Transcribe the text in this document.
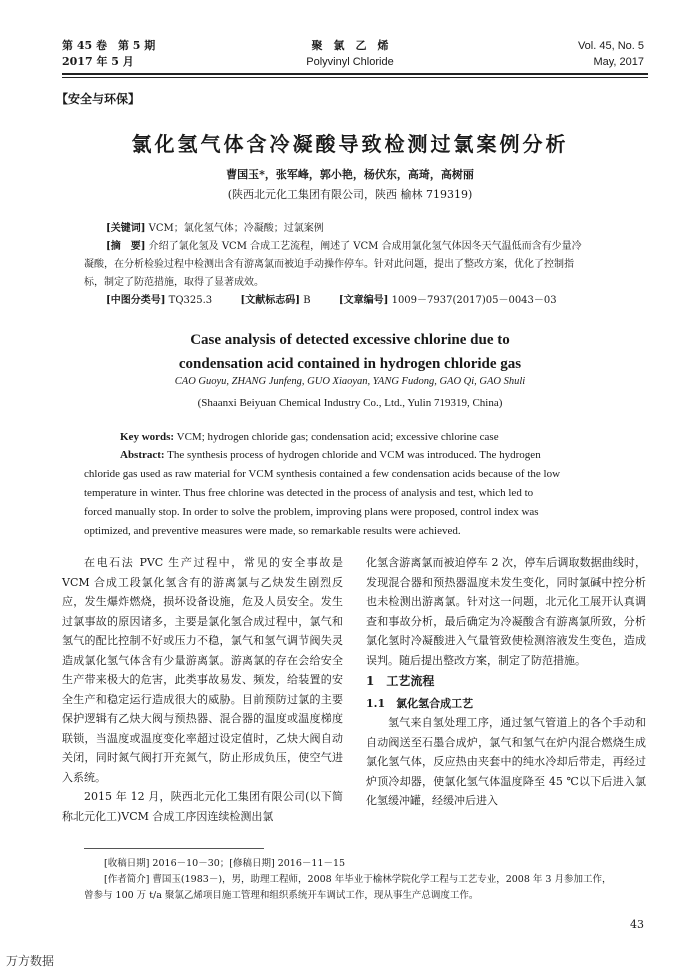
第 45 卷　第 5 期
2017 年 5 月
聚　氯　乙　烯
Polyvinyl Chloride
Vol. 45, No. 5
May, 2017
【安全与环保】
氯化氢气体含冷凝酸导致检测过氯案例分析
曹国玉*，张军峰，郭小艳，杨伏东，高琦，高树丽
(陕西北元化工集团有限公司，陕西 榆林 719319)
[关键词] VCM；氯化氢气体；冷凝酸；过氯案例
[摘　要] 介绍了氯化氢及 VCM 合成工艺流程，阐述了 VCM 合成用氯化氢气体因冬天气温低而含有少量冷
凝酸，在分析检验过程中检测出含有游离氯而被迫手动操作停车。针对此问题，提出了整改方案，优化了控制指
标，制定了防范措施，取得了显著成效。
[中图分类号] TQ325.3	[文献标志码] B	[文章编号] 1009－7937(2017)05－0043－03
Case analysis of detected excessive chlorine due to
condensation acid contained in hydrogen chloride gas
CAO Guoyu, ZHANG Junfeng, GUO Xiaoyan, YANG Fudong, GAO Qi, GAO Shuli
(Shaanxi Beiyuan Chemical Industry Co., Ltd., Yulin 719319, China)
Key words: VCM; hydrogen chloride gas; condensation acid; excessive chlorine case
Abstract: The synthesis process of hydrogen chloride and VCM was introduced. The hydrogen
chloride gas used as raw material for VCM synthesis contained a few condensation acids because of the low
temperature in winter. Thus free chlorine was detected in the process of analysis and test, which led to
forced manually stop. In order to solve the problem, improving plans were proposed, control index was
optimized, and preventive measures were made, so remarkable results were achieved.

在电石法 PVC 生产过程中，常见的安全事故是 VCM 合成工段氯化氢含有的游离氯与乙炔发生剧烈反应，发生爆炸燃烧，损坏设备设施，危及人员安全。发生过氯事故的原因诸多，主要是氯化氢合成过程中，氯气和氢气的配比控制不好或压力不稳，氯气和氢气调节阀失灵造成氯化氢气体含有少量游离氯。游离氯的存在会给安全生产带来极大的危害，此类事故易发、频发，给装置的安全生产和稳定运行造成很大的威胁。目前预防过氯的主要保护逻辑有乙炔大阀与预热器、混合器的温度或温度梯度联锁，当温度或温度变化率超过设定值时，乙炔大阀自动关闭，同时氮气阀打开充氮气，防止形成负压，使空气进入系统。

2015 年 12 月，陕西北元化工集团有限公司(以下简称北元化工)VCM 合成工序因连续检测出氯

化氢含游离氯而被迫停车 2 次，停车后调取数据曲线时，发现混合器和预热器温度未发生变化，同时氯碱中控分析也未检测出游离氯。针对这一问题，北元化工展开认真调查和事故分析，最后确定为冷凝酸含有游离氯所致，分析氯化氢时冷凝酸进入气量管致使检测溶液发生变色，造成误判。随后提出整改方案，制定了防范措施。

1　工艺流程
1.1　氯化氢合成工艺

氢气来自氢处理工序，通过氢气管道上的各个手动和自动阀送至石墨合成炉，氯气和氢气在炉内混合燃烧生成氯化氢气体，反应热由夹套中的纯水冷却后带走，再经过炉顶冷却器，使氯化氢气体温度降至 45 ℃以下后进入氯化氢缓冲罐，经缓冲后进入

[收稿日期] 2016－10－30；[修稿日期] 2016－11－15
[作者简介] 曹国玉(1983－)，男，助理工程师，2008 年毕业于榆林学院化学工程与工艺专业，2008 年 3 月参加工作，
曾参与 100 万 t/a 聚氯乙烯项目施工管理和组织系统开车调试工作，现从事生产总调度工作。
43
万方数据
